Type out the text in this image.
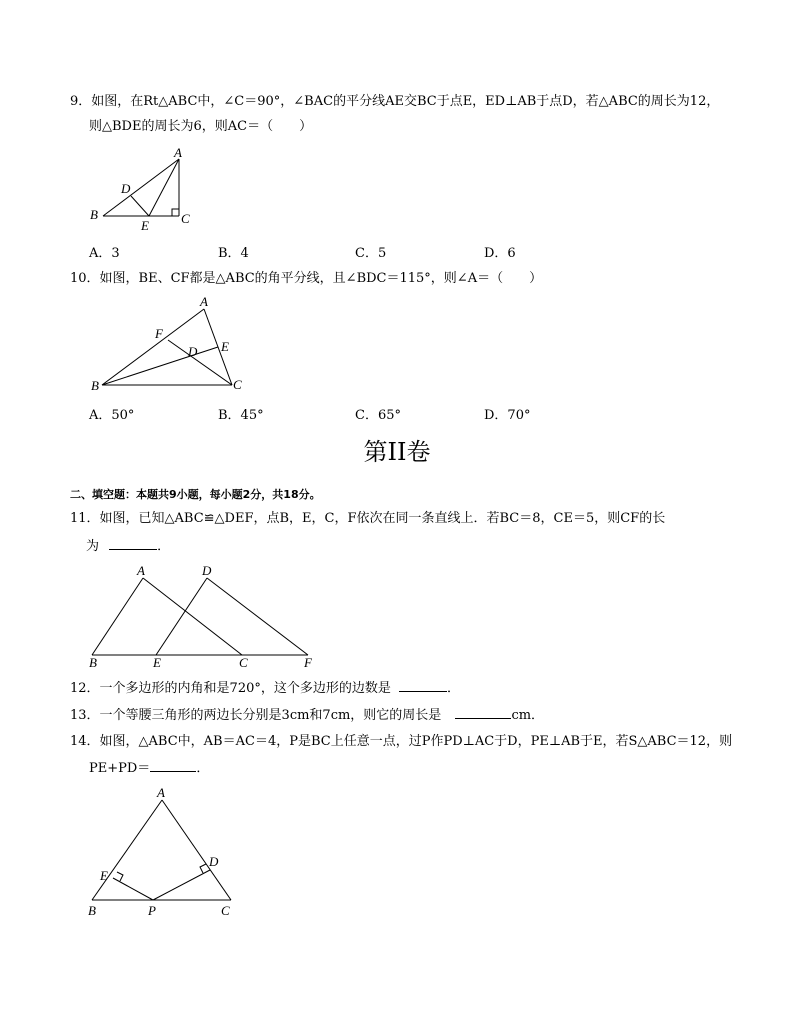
9．如图，在Rt△ABC中，∠C＝90°，∠BAC的平分线AE交BC于点E，ED⊥AB于点D，若△ABC的周长为12，
则△BDE的周长为6，则AC＝（　　）
A
B	C
D
E
A
B	C
D E
F
A
B	C
D
E	F
A
B	C
D
E
P
A．3	B．4	C．5	D．6
10．如图，BE、CF都是△ABC的角平分线，且∠BDC＝115°，则∠A＝（　　）
A．50°	B．45°	C．65°	D．70°
第II卷
二、填空题：本题共9小题，每小题2分，共18分。
11．如图，已知△ABC≌△DEF，点B，E，C，F依次在同一条直线上．若BC＝8，CE＝5，则CF的长
为	．
12．一个多边形的内角和是720°，这个多边形的边数是	．
13．一个等腰三角形的两边长分别是3cm和7cm，则它的周长是	cm．
14．如图，△ABC中，AB＝AC＝4，P是BC上任意一点，过P作PD⊥AC于D，PE⊥AB于E，若S△ABC＝12，则
PE+PD＝	．
